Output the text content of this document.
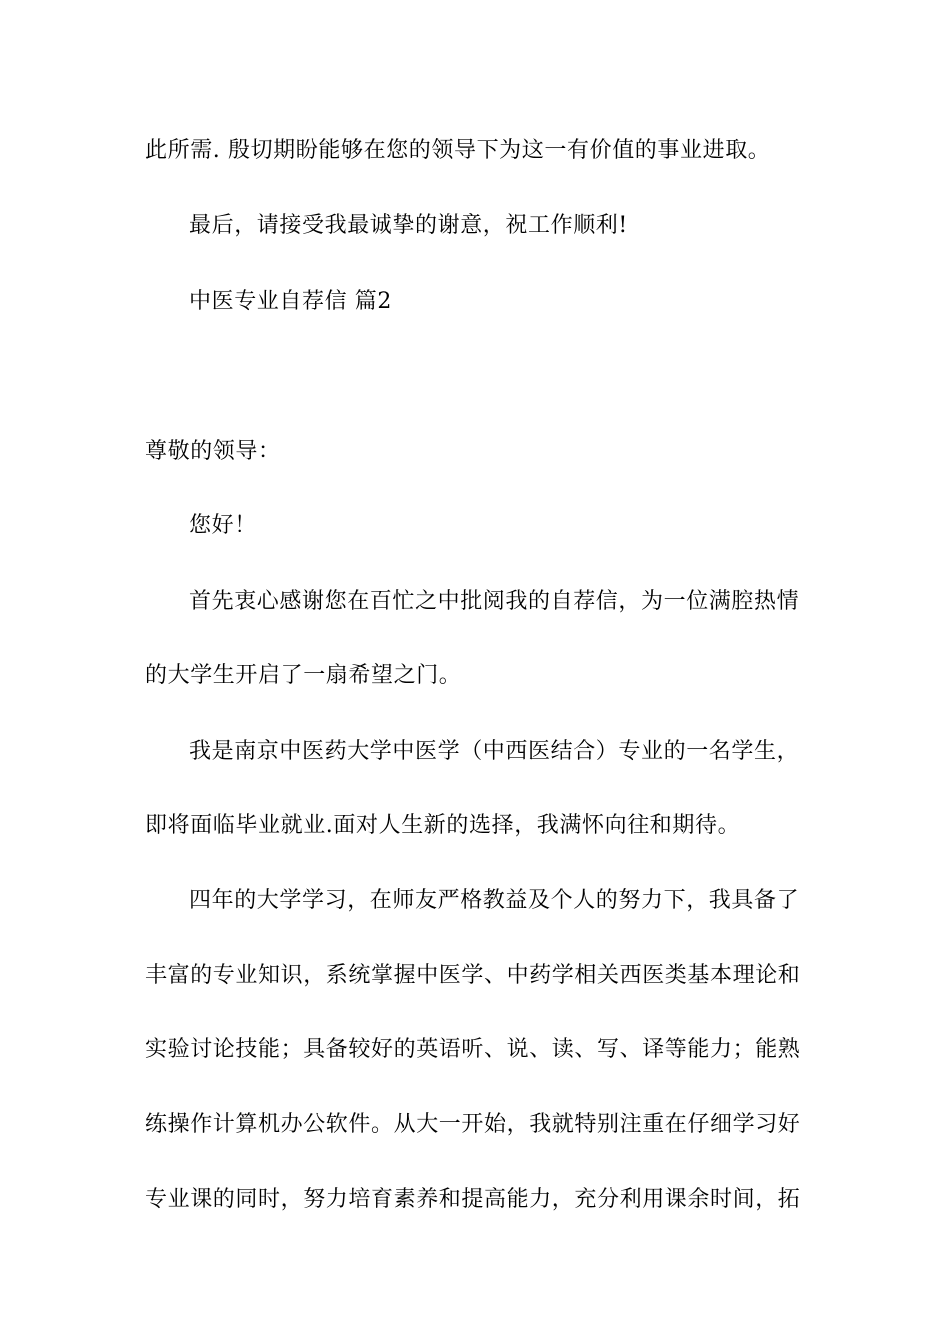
此所需. 殷切期盼能够在您的领导下为这一有价值的事业进取。
最后，请接受我最诚挚的谢意，祝工作顺利!
中医专业自荐信 篇2
尊敬的领导：
您好！
首先衷心感谢您在百忙之中批阅我的自荐信，为一位满腔热情
的大学生开启了一扇希望之门。
我是南京中医药大学中医学（中西医结合）专业的一名学生，
即将面临毕业就业.面对人生新的选择，我满怀向往和期待。
四年的大学学习，在师友严格教益及个人的努力下，我具备了
丰富的专业知识，系统掌握中医学、中药学相关西医类基本理论和
实验讨论技能；具备较好的英语听、说、读、写、译等能力；能熟
练操作计算机办公软件。从大一开始，我就特别注重在仔细学习好
专业课的同时，努力培育素养和提高能力，充分利用课余时间，拓
